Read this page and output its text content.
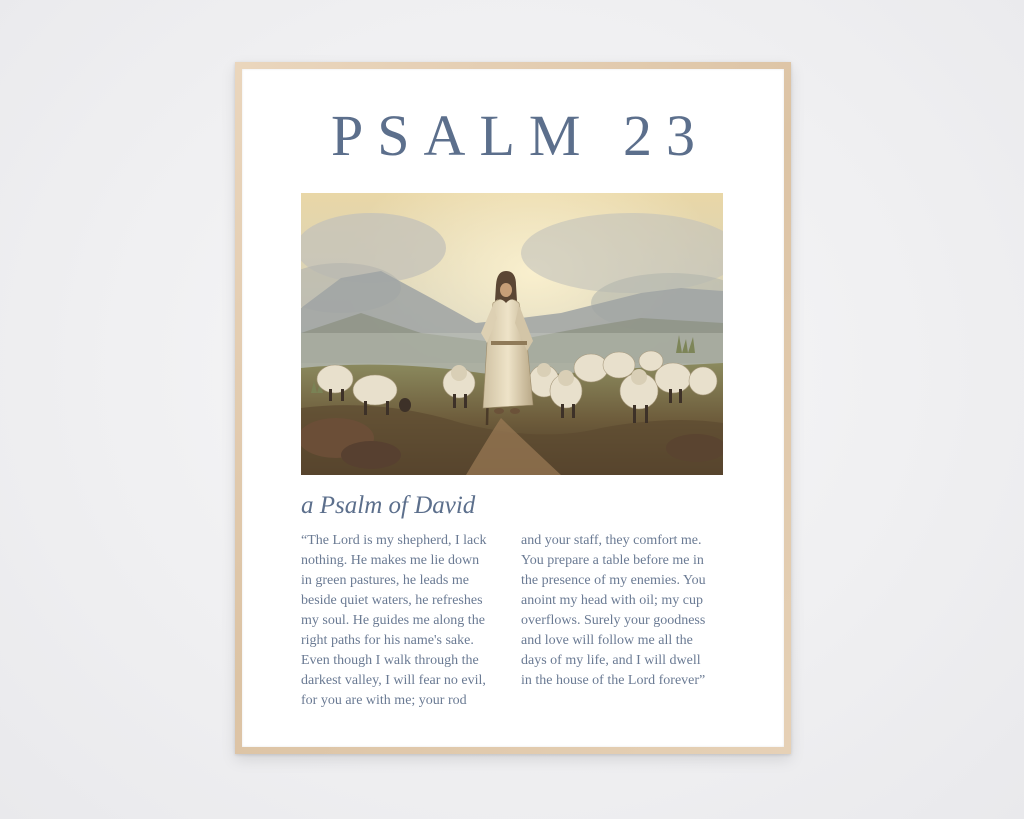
PSALM 23
a Psalm of David
“The Lord is my shepherd, I lack
nothing. He makes me lie down
in green pastures, he leads me
beside quiet waters, he refreshes
my soul. He guides me along the
right paths for his name's sake.
Even though I walk through the
darkest valley, I will fear no evil,
for you are with me; your rod
and your staff, they comfort me.
You prepare a table before me in
the presence of my enemies. You
anoint my head with oil; my cup
overflows. Surely your goodness
and love will follow me all the
days of my life, and I will dwell
in the house of the Lord forever”
